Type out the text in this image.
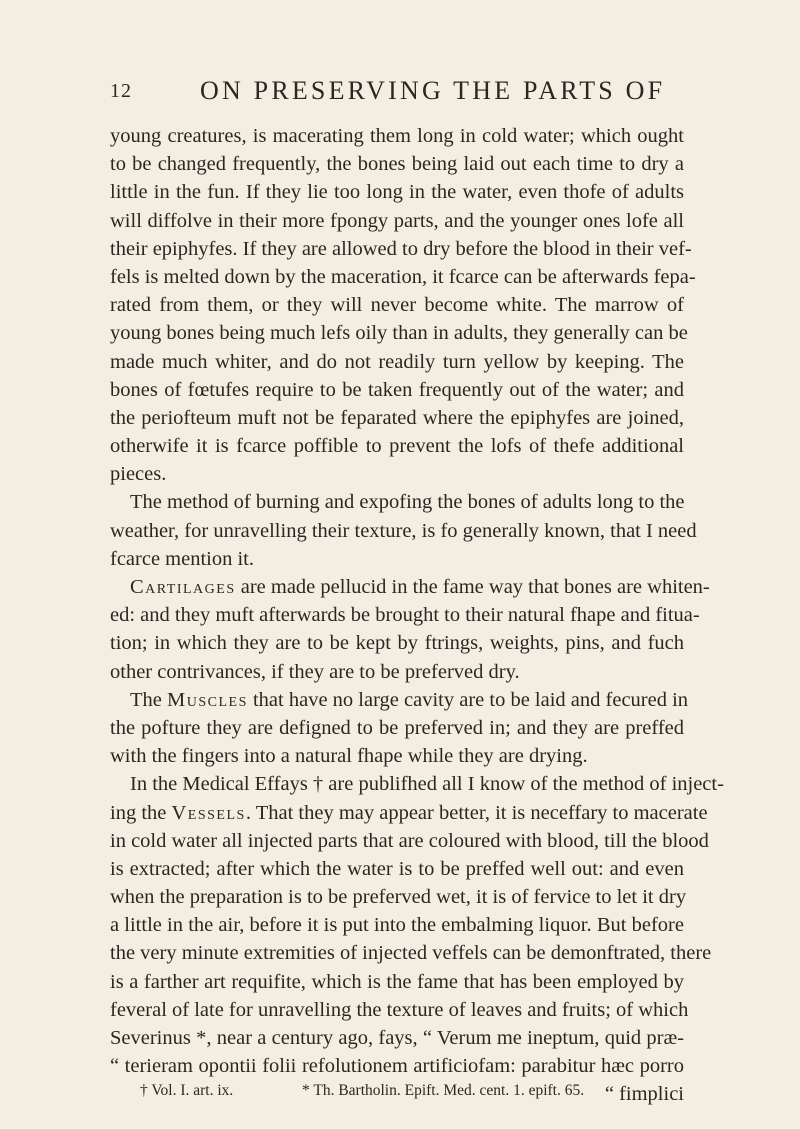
12	ON PRESERVING THE PARTS OF
young creatures, is macerating them long in cold water; which ought
to be changed frequently, the bones being laid out each time to dry a
little in the fun. If they lie too long in the water, even thofe of adults
will diffolve in their more fpongy parts, and the younger ones lofe all
their epiphyfes. If they are allowed to dry before the blood in their vef-
fels is melted down by the maceration, it fcarce can be afterwards fepa-
rated from them, or they will never become white. The marrow of
young bones being much lefs oily than in adults, they generally can be
made much whiter, and do not readily turn yellow by keeping. The
bones of fœtufes require to be taken frequently out of the water; and
the periofteum muft not be feparated where the epiphyfes are joined,
otherwife it is fcarce poffible to prevent the lofs of thefe additional
pieces.
The method of burning and expofing the bones of adults long to the
weather, for unravelling their texture, is fo generally known, that I need
fcarce mention it.
Cartilages are made pellucid in the fame way that bones are whiten-
ed: and they muft afterwards be brought to their natural fhape and fitua-
tion; in which they are to be kept by ftrings, weights, pins, and fuch
other contrivances, if they are to be preferved dry.
The Muscles that have no large cavity are to be laid and fecured in
the pofture they are defigned to be preferved in; and they are preffed
with the fingers into a natural fhape while they are drying.
In the Medical Effays † are publifhed all I know of the method of inject-
ing the Vessels. That they may appear better, it is neceffary to macerate
in cold water all injected parts that are coloured with blood, till the blood
is extracted; after which the water is to be preffed well out: and even
when the preparation is to be preferved wet, it is of fervice to let it dry
a little in the air, before it is put into the embalming liquor. But before
the very minute extremities of injected veffels can be demonftrated, there
is a farther art requifite, which is the fame that has been employed by
feveral of late for unravelling the texture of leaves and fruits; of which
Severinus *, near a century ago, fays, “ Verum me ineptum, quid præ-
“ terieram opontii folii refolutionem artificiofam: parabitur hæc porro
“ fimplici
† Vol. I. art. ix.	* Th. Bartholin. Epift. Med. cent. 1. epift. 65.
